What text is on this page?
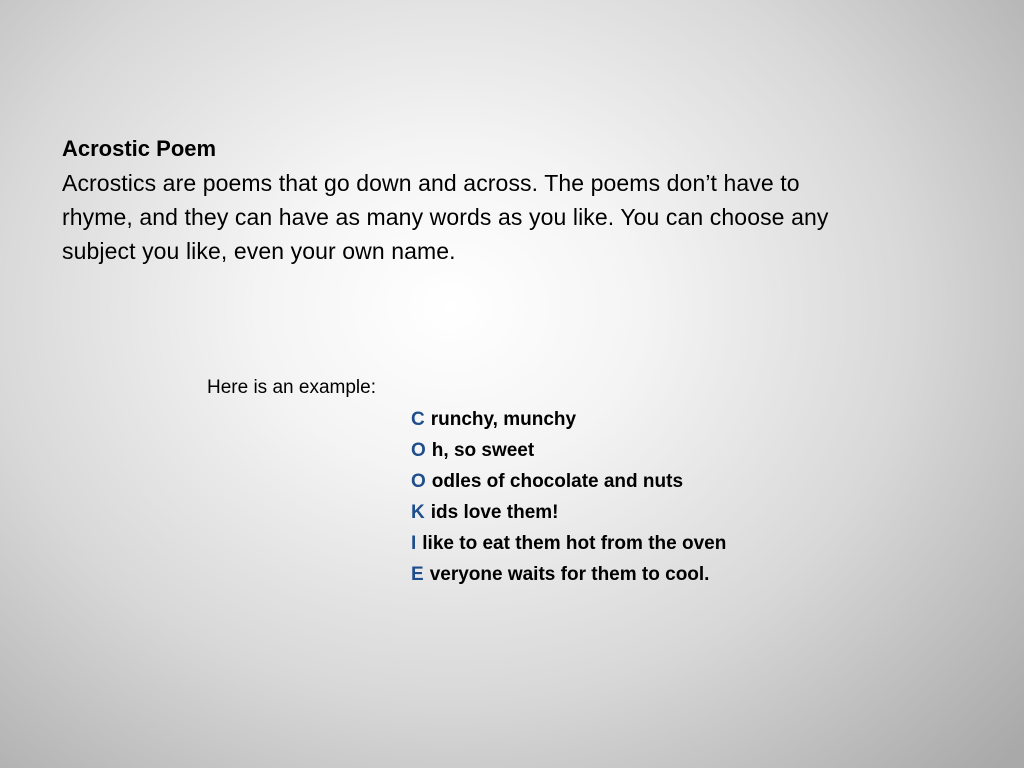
Acrostic Poem
Acrostics are poems that go down and across. The poems don’t have to rhyme, and they can have as many words as you like. You can choose any subject you like, even your own name.
Here is an example:
C runchy, munchy
O h, so sweet
O odles of chocolate and nuts
K ids love them!
I like to eat them hot from the oven
E veryone waits for them to cool.
